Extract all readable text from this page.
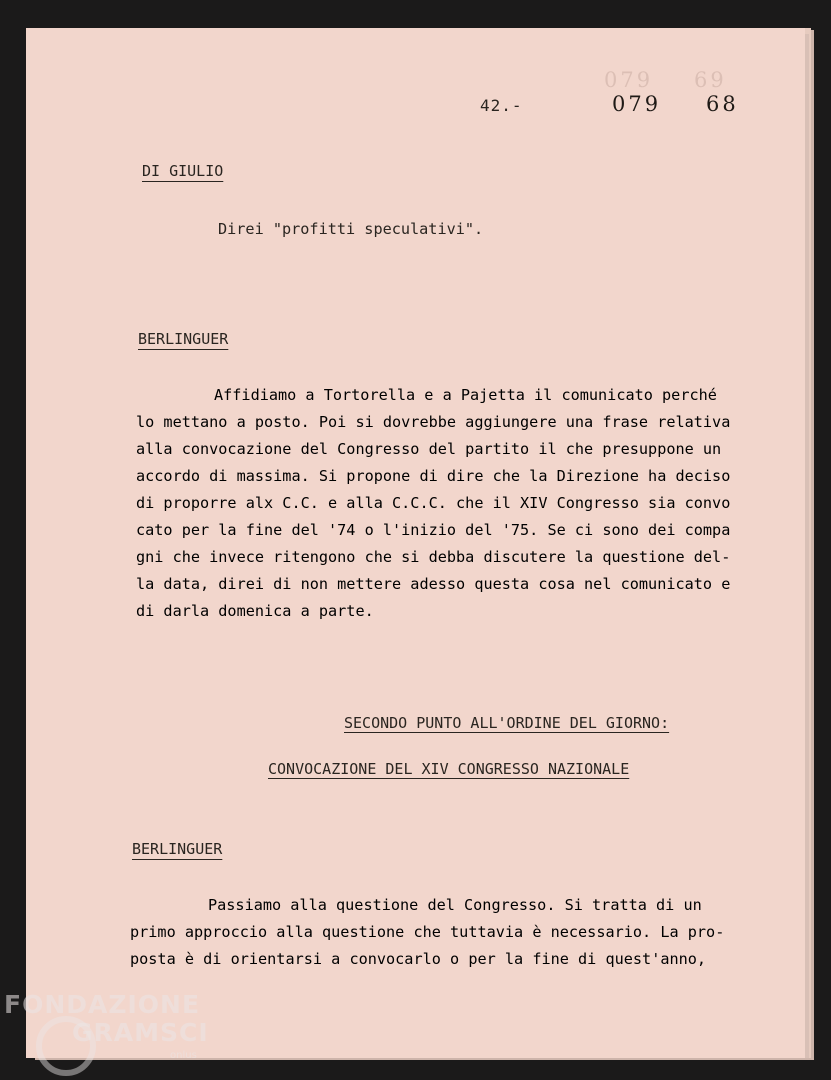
079 69
42.-	079 68
DI GIULIO
Direi "profitti speculativi".
BERLINGUER
Affidiamo a Tortorella e a Pajetta il comunicato perché
lo mettano a posto. Poi si dovrebbe aggiungere una frase relativa
alla convocazione del Congresso del partito il che presuppone un
accordo di massima. Si propone di dire che la Direzione ha deciso
di proporre alx C.C. e alla C.C.C. che il XIV Congresso sia convo
cato per la fine del '74 o l'inizio del '75. Se ci sono dei compa
gni che invece ritengono che si debba discutere la questione del-
la data, direi di non mettere adesso questa cosa nel comunicato e
di darla domenica a parte.
SECONDO PUNTO ALL'ORDINE DEL GIORNO:
CONVOCAZIONE DEL XIV CONGRESSO NAZIONALE
BERLINGUER
Passiamo alla questione del Congresso. Si tratta di un
primo approccio alla questione che tuttavia è necessario. La pro-
posta è di orientarsi a convocarlo o per la fine di quest'anno,
FONDAZIONE
GRAMSCI
onlus
